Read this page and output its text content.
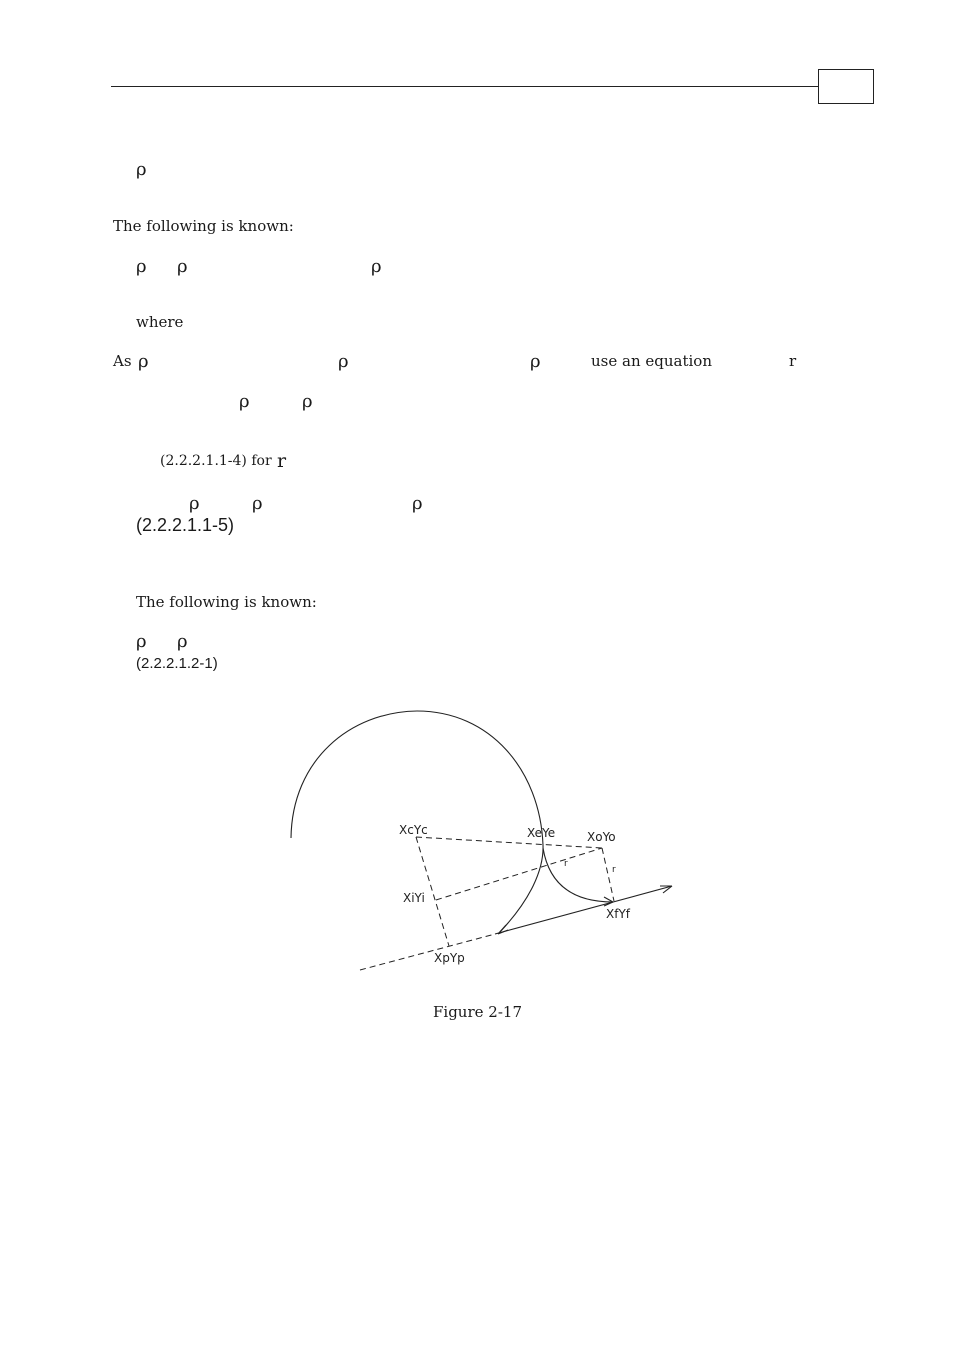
ρ
The following is known:
ρ ρ	ρ
where
As ρ	ρ	ρ	use an equation	r
ρ	ρ
(2.2.2.1.1-4) for r
ρ	ρ	ρ
(2.2.2.1.1-5)
The following is known:
ρ ρ
(2.2.2.1.2-1)
XcYc	XeYe	XoYo
XiYi
XfYf
XpYp
r
r
Figure 2-17
